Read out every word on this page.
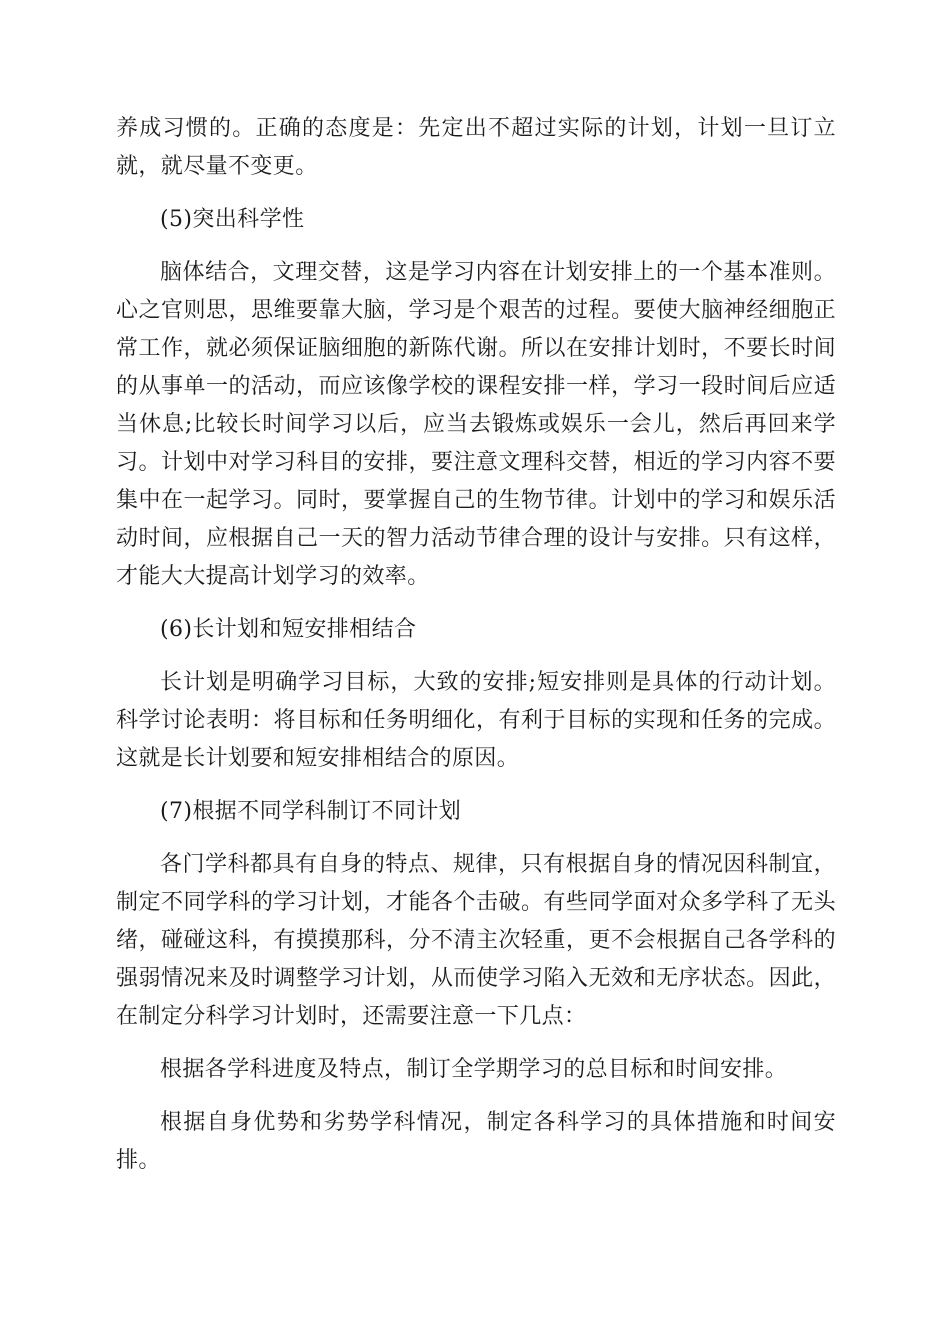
养成习惯的。正确的态度是：先定出不超过实际的计划，计划一旦订立就，就尽量不变更。

(5)突出科学性

脑体结合，文理交替，这是学习内容在计划安排上的一个基本准则。心之官则思，思维要靠大脑，学习是个艰苦的过程。要使大脑神经细胞正常工作，就必须保证脑细胞的新陈代谢。所以在安排计划时，不要长时间的从事单一的活动，而应该像学校的课程安排一样，学习一段时间后应适当休息;比较长时间学习以后，应当去锻炼或娱乐一会儿，然后再回来学习。计划中对学习科目的安排，要注意文理科交替，相近的学习内容不要集中在一起学习。同时，要掌握自己的生物节律。计划中的学习和娱乐活动时间，应根据自己一天的智力活动节律合理的设计与安排。只有这样，才能大大提高计划学习的效率。

(6)长计划和短安排相结合

长计划是明确学习目标，大致的安排;短安排则是具体的行动计划。科学讨论表明：将目标和任务明细化，有利于目标的实现和任务的完成。这就是长计划要和短安排相结合的原因。

(7)根据不同学科制订不同计划

各门学科都具有自身的特点、规律，只有根据自身的情况因科制宜，制定不同学科的学习计划，才能各个击破。有些同学面对众多学科了无头绪，碰碰这科，有摸摸那科，分不清主次轻重，更不会根据自己各学科的强弱情况来及时调整学习计划，从而使学习陷入无效和无序状态。因此，在制定分科学习计划时，还需要注意一下几点：

根据各学科进度及特点，制订全学期学习的总目标和时间安排。

根据自身优势和劣势学科情况，制定各科学习的具体措施和时间安排。
